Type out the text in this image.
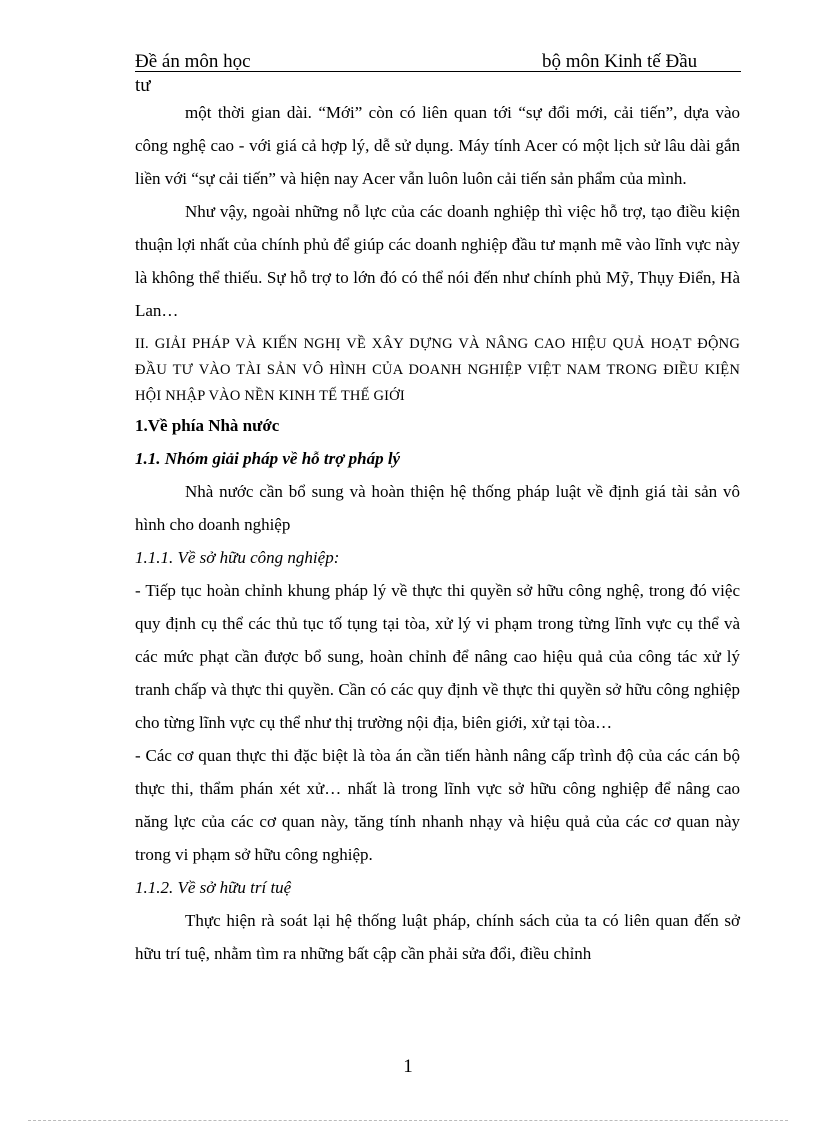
Đề án môn học	bộ môn Kinh tế Đầu
tư

một thời gian dài. “Mới” còn có liên quan tới “sự đổi mới, cải tiến”, dựa vào công nghệ cao - với giá cả hợp lý, dễ sử dụng. Máy tính Acer có một lịch sử lâu dài gắn liền với “sự cải tiến” và hiện nay Acer vẫn luôn luôn cải tiến sản phẩm của mình.

Như vậy, ngoài những nỗ lực của các doanh nghiệp thì việc hỗ trợ, tạo điều kiện thuận lợi nhất của chính phủ để giúp các doanh nghiệp đầu tư mạnh mẽ vào lĩnh vực này là không thể thiếu. Sự hỗ trợ to lớn đó có thể nói đến như chính phủ Mỹ, Thụy Điển, Hà Lan…

II. GIẢI PHÁP VÀ KIẾN NGHỊ VỀ XÂY DỰNG VÀ NÂNG CAO HIỆU QUẢ HOẠT ĐỘNG ĐẦU TƯ VÀO TÀI SẢN VÔ HÌNH CỦA DOANH NGHIỆP VIỆT NAM TRONG ĐIỀU KIỆN HỘI NHẬP VÀO NỀN KINH TẾ THẾ GIỚI

1.Về phía Nhà nước

1.1. Nhóm giải pháp về hỗ trợ pháp lý

Nhà nước cần bổ sung và hoàn thiện hệ thống pháp luật về định giá tài sản vô hình cho doanh nghiệp

1.1.1. Về sở hữu công nghiệp:

- Tiếp tục hoàn chỉnh khung pháp lý về thực thi quyền sở hữu công nghệ, trong đó việc quy định cụ thể các thủ tục tố tụng tại tòa, xử lý vi phạm trong từng lĩnh vực cụ thể và các mức phạt cần được bổ sung, hoàn chỉnh để nâng cao hiệu quả của công tác xử lý tranh chấp và thực thi quyền. Cần có các quy định về thực thi quyền sở hữu công nghiệp cho từng lĩnh vực cụ thể như thị trường nội địa, biên giới, xử tại tòa…

- Các cơ quan thực thi đặc biệt là tòa án cần tiến hành nâng cấp trình độ của các cán bộ thực thi, thẩm phán xét xử… nhất là trong lĩnh vực sở hữu công nghiệp để nâng cao năng lực của các cơ quan này, tăng tính nhanh nhạy và hiệu quả của các cơ quan này trong vi phạm sở hữu công nghiệp.

1.1.2. Về sở hữu trí tuệ

Thực hiện rà soát lại hệ thống luật pháp, chính sách của ta có liên quan đến sở hữu trí tuệ, nhằm tìm ra những bất cập cần phải sửa đổi, điều chỉnh

1
